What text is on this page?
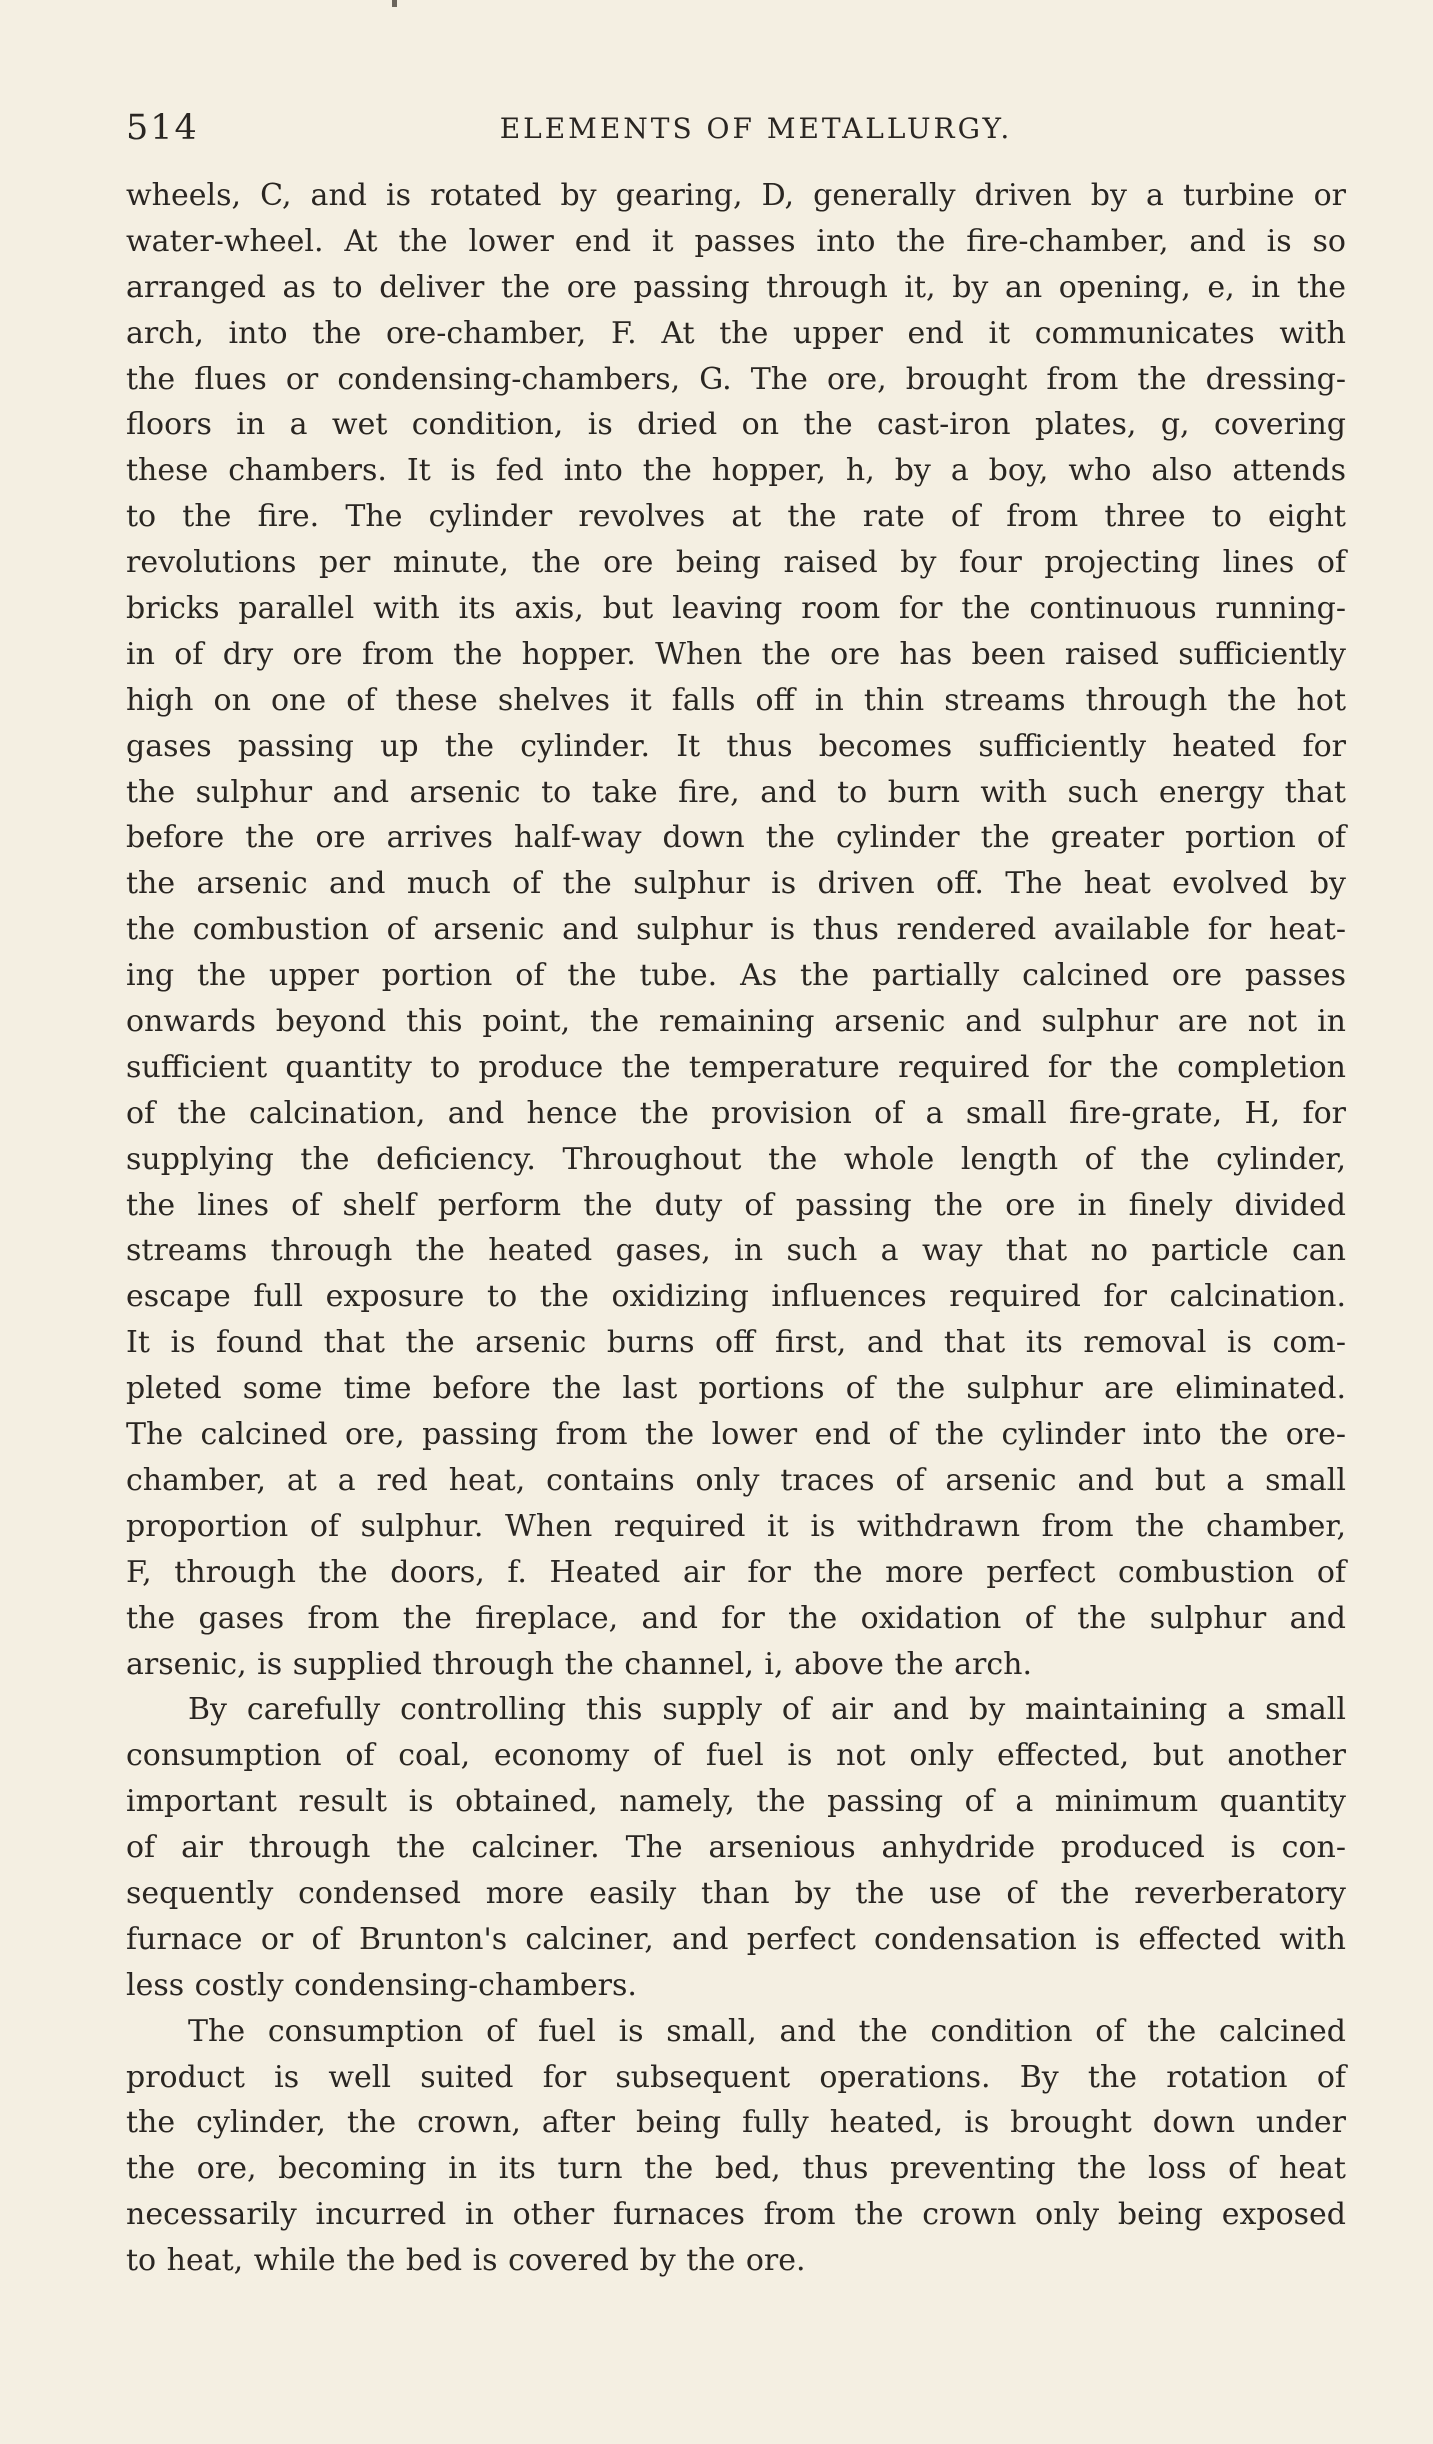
514	ELEMENTS OF METALLURGY.
wheels, C, and is rotated by gearing, D, generally driven by a turbine or
water-wheel. At the lower end it passes into the fire-chamber, and is so
arranged as to deliver the ore passing through it, by an opening, e, in the
arch, into the ore-chamber, F. At the upper end it communicates with
the flues or condensing-chambers, G. The ore, brought from the dressing-
floors in a wet condition, is dried on the cast-iron plates, g, covering
these chambers. It is fed into the hopper, h, by a boy, who also attends
to the fire. The cylinder revolves at the rate of from three to eight
revolutions per minute, the ore being raised by four projecting lines of
bricks parallel with its axis, but leaving room for the continuous running-
in of dry ore from the hopper. When the ore has been raised sufficiently
high on one of these shelves it falls off in thin streams through the hot
gases passing up the cylinder. It thus becomes sufficiently heated for
the sulphur and arsenic to take fire, and to burn with such energy that
before the ore arrives half-way down the cylinder the greater portion of
the arsenic and much of the sulphur is driven off. The heat evolved by
the combustion of arsenic and sulphur is thus rendered available for heat-
ing the upper portion of the tube. As the partially calcined ore passes
onwards beyond this point, the remaining arsenic and sulphur are not in
sufficient quantity to produce the temperature required for the completion
of the calcination, and hence the provision of a small fire-grate, H, for
supplying the deficiency. Throughout the whole length of the cylinder,
the lines of shelf perform the duty of passing the ore in finely divided
streams through the heated gases, in such a way that no particle can
escape full exposure to the oxidizing influences required for calcination.
It is found that the arsenic burns off first, and that its removal is com-
pleted some time before the last portions of the sulphur are eliminated.
The calcined ore, passing from the lower end of the cylinder into the ore-
chamber, at a red heat, contains only traces of arsenic and but a small
proportion of sulphur. When required it is withdrawn from the chamber,
F, through the doors, f. Heated air for the more perfect combustion of
the gases from the fireplace, and for the oxidation of the sulphur and
arsenic, is supplied through the channel, i, above the arch.
By carefully controlling this supply of air and by maintaining a small
consumption of coal, economy of fuel is not only effected, but another
important result is obtained, namely, the passing of a minimum quantity
of air through the calciner. The arsenious anhydride produced is con-
sequently condensed more easily than by the use of the reverberatory
furnace or of Brunton's calciner, and perfect condensation is effected with
less costly condensing-chambers.
The consumption of fuel is small, and the condition of the calcined
product is well suited for subsequent operations. By the rotation of
the cylinder, the crown, after being fully heated, is brought down under
the ore, becoming in its turn the bed, thus preventing the loss of heat
necessarily incurred in other furnaces from the crown only being exposed
to heat, while the bed is covered by the ore.
